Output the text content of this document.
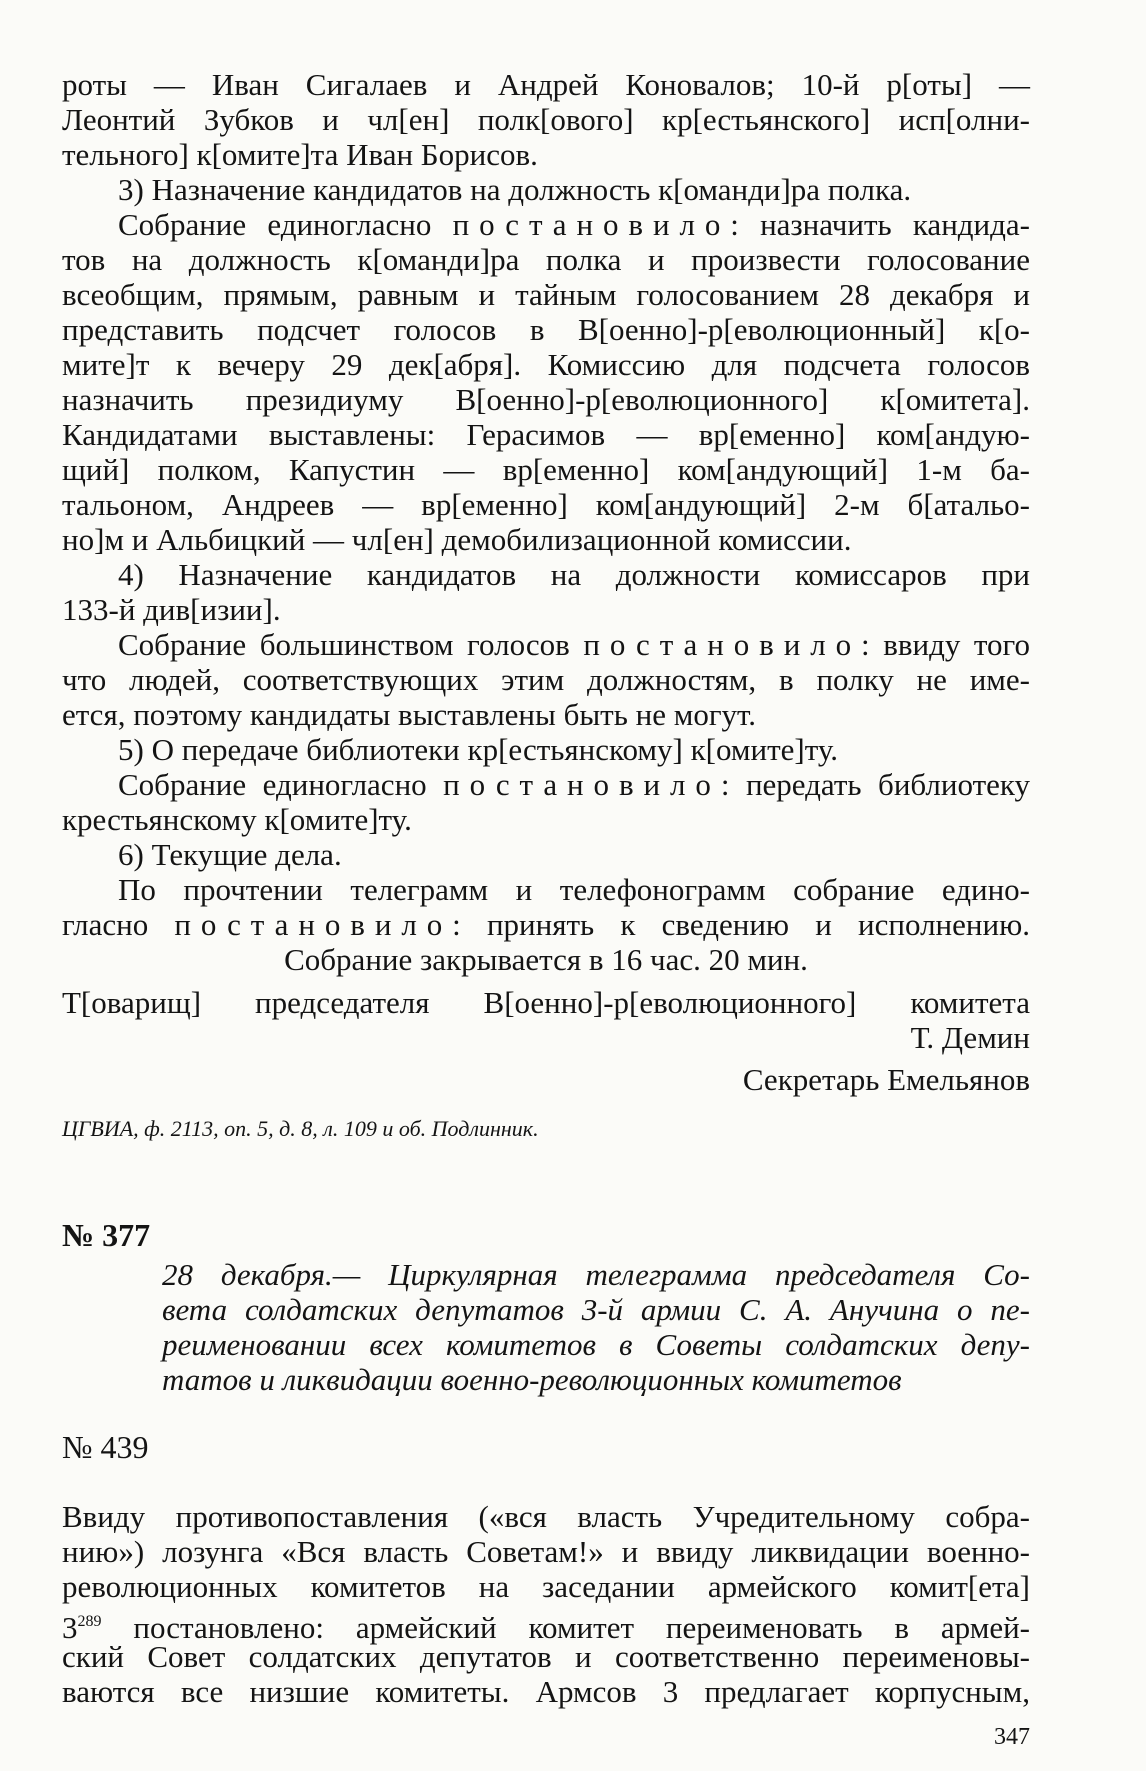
роты — Иван Сигалаев и Андрей Коновалов; 10-й р[оты] —
Леонтий Зубков и чл[ен] полк[ового] кр[естьянского] исп[олни-
тельного] к[омите]та Иван Борисов.
3) Назначение кандидатов на должность к[оманди]ра полка.
Собрание единогласно постановило: назначить кандида-
тов на должность к[оманди]ра полка и произвести голосование
всеобщим, прямым, равным и тайным голосованием 28 декабря и
представить подсчет голосов в В[оенно]-р[еволюционный] к[о-
мите]т к вечеру 29 дек[абря]. Комиссию для подсчета голосов
назначить президиуму В[оенно]-р[еволюционного] к[омитета].
Кандидатами выставлены: Герасимов — вр[еменно] ком[андую-
щий] полком, Капустин — вр[еменно] ком[андующий] 1-м ба-
тальоном, Андреев — вр[еменно] ком[андующий] 2-м б[атальо-
но]м и Альбицкий — чл[ен] демобилизационной комиссии.
4) Назначение кандидатов на должности комиссаров при
133-й див[изии].
Собрание большинством голосов постановило: ввиду того
что людей, соответствующих этим должностям, в полку не име-
ется, поэтому кандидаты выставлены быть не могут.
5) О передаче библиотеки кр[естьянскому] к[омите]ту.
Собрание единогласно постановило: передать библиотеку
крестьянскому к[омите]ту.
6) Текущие дела.
По прочтении телеграмм и телефонограмм собрание едино-
гласно постановило: принять к сведению и исполнению.
Собрание закрывается в 16 час. 20 мин.
Т[оварищ] председателя В[оенно]-р[еволюционного] комитета
Т. Демин
Секретарь Емельянов
ЦГВИА, ф. 2113, оп. 5, д. 8, л. 109 и об. Подлинник.
№ 377
28 декабря.— Циркулярная телеграмма председателя Со-
вета солдатских депутатов 3-й армии С. А. Анучина о пе-
реименовании всех комитетов в Советы солдатских депу-
татов и ликвидации военно-революционных комитетов
№ 439
Ввиду противопоставления («вся власть Учредительному собра-
нию») лозунга «Вся власть Советам!» и ввиду ликвидации военно-
революционных комитетов на заседании армейского комит[ета]
$3^{289}$ постановлено: армейский комитет переименовать в армей-
ский Совет солдатских депутатов и соответственно переименовы-
ваются все низшие комитеты. Армсов 3 предлагает корпусным,
347
